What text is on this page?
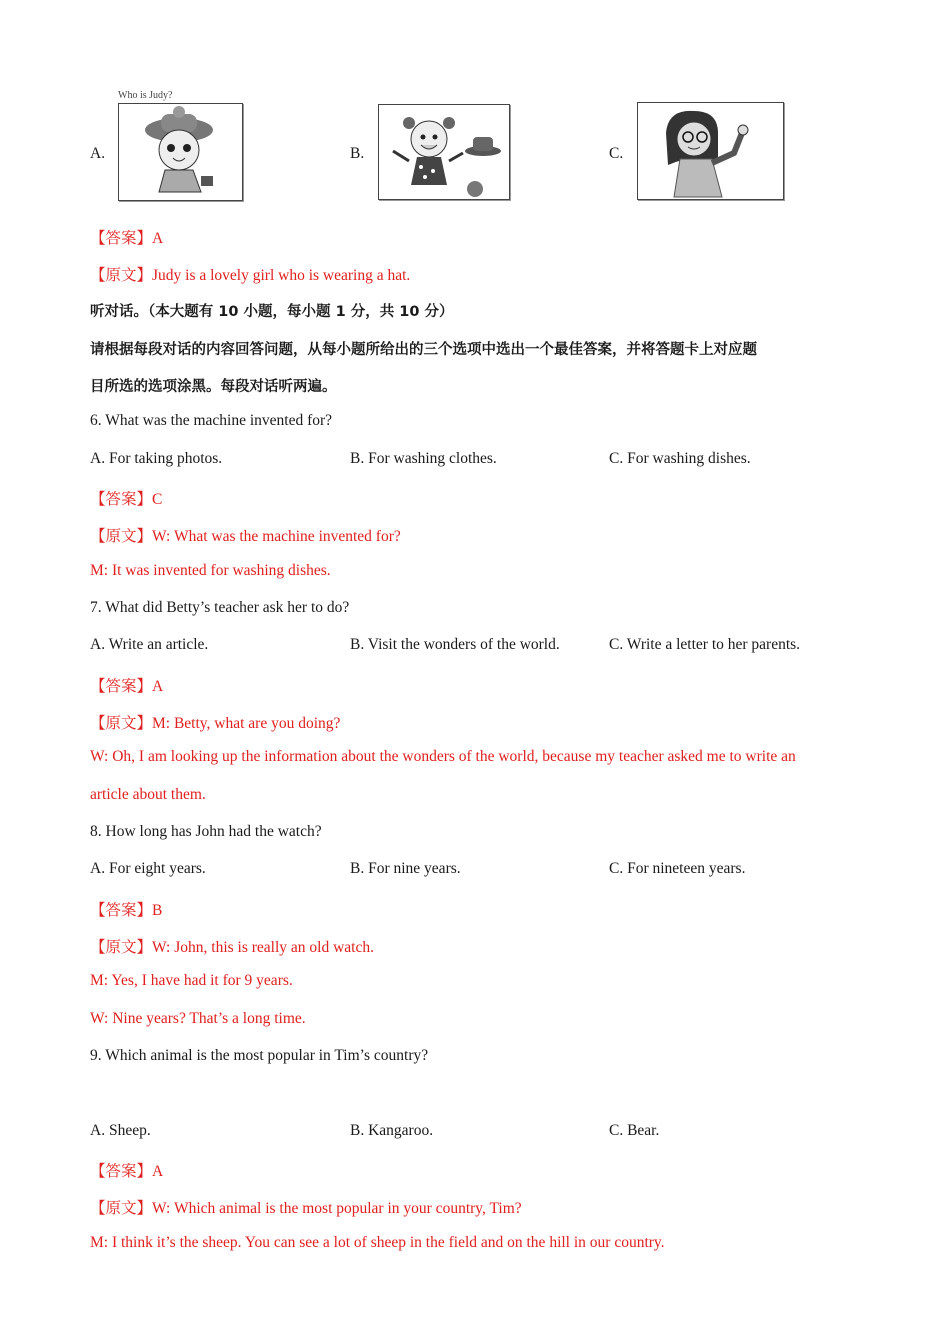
Who is Judy?
A.	B.	C.
【答案】A
【原文】Judy is a lovely girl who is wearing a hat.
听对话。（本大题有 10 小题，每小题 1 分，共 10 分）
请根据每段对话的内容回答问题，从每小题所给出的三个选项中选出一个最佳答案，并将答题卡上对应题
目所选的选项涂黑。每段对话听两遍。
6. What was the machine invented for?
A. For taking photos.	B. For washing clothes.	C. For washing dishes.
【答案】C
【原文】W: What was the machine invented for?
M: It was invented for washing dishes.
7. What did Betty’s teacher ask her to do?
A. Write an article.	B. Visit the wonders of the world.	C. Write a letter to her parents.
【答案】A
【原文】M: Betty, what are you doing?
W: Oh, I am looking up the information about the wonders of the world, because my teacher asked me to write an
article about them.
8. How long has John had the watch?
A. For eight years.	B. For nine years.	C. For nineteen years.
【答案】B
【原文】W: John, this is really an old watch.
M: Yes, I have had it for 9 years.
W: Nine years? That’s a long time.
9. Which animal is the most popular in Tim’s country?
A. Sheep.	B. Kangaroo.	C. Bear.
【答案】A
【原文】W: Which animal is the most popular in your country, Tim?
M: I think it’s the sheep. You can see a lot of sheep in the field and on the hill in our country.
